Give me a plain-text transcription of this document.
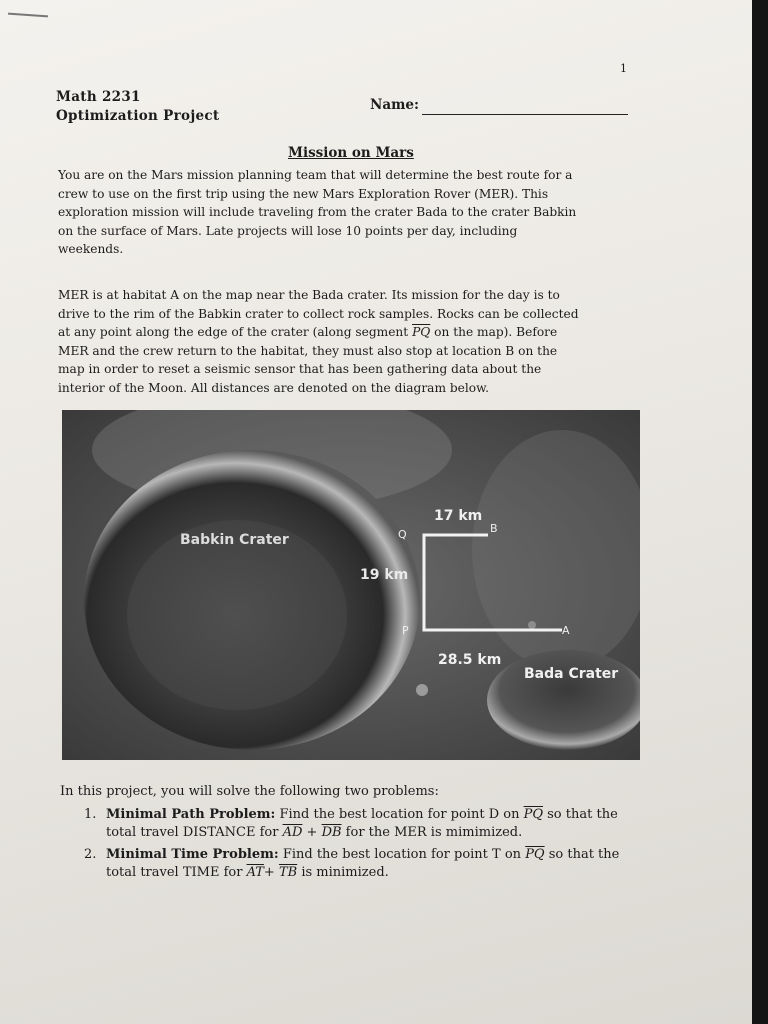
1
Math 2231
Optimization Project
Name:
Mission on Mars
You are on the Mars mission planning team that will determine the best route for a
crew to use on the first trip using the new Mars Exploration Rover (MER). This
exploration mission will include traveling from the crater Bada to the crater Babkin
on the surface of Mars. Late projects will lose 10 points per day, including
weekends.
MER is at habitat A on the map near the Bada crater. Its mission for the day is to
drive to the rim of the Babkin crater to collect rock samples. Rocks can be collected
at any point along the edge of the crater (along segment $\overline{PQ}$ on the map). Before
MER and the crew return to the habitat, they must also stop at location B on the
map in order to reset a seismic sensor that has been gathering data about the
interior of the Moon. All distances are denoted on the diagram below.
Babkin Crater
Bada Crater
17 km
19 km
28.5 km
Q	B
P	A
In this project, you will solve the following two problems:
1. Minimal Path Problem: Find the best location for point D on $\overline{PQ}$ so that the
total travel DISTANCE for $\overline{AD} + \overline{DB}$ for the MER is mimimized.
2. Minimal Time Problem: Find the best location for point T on $\overline{PQ}$ so that the
total travel TIME for $\overline{AT}+ \overline{TB}$ is minimized.
